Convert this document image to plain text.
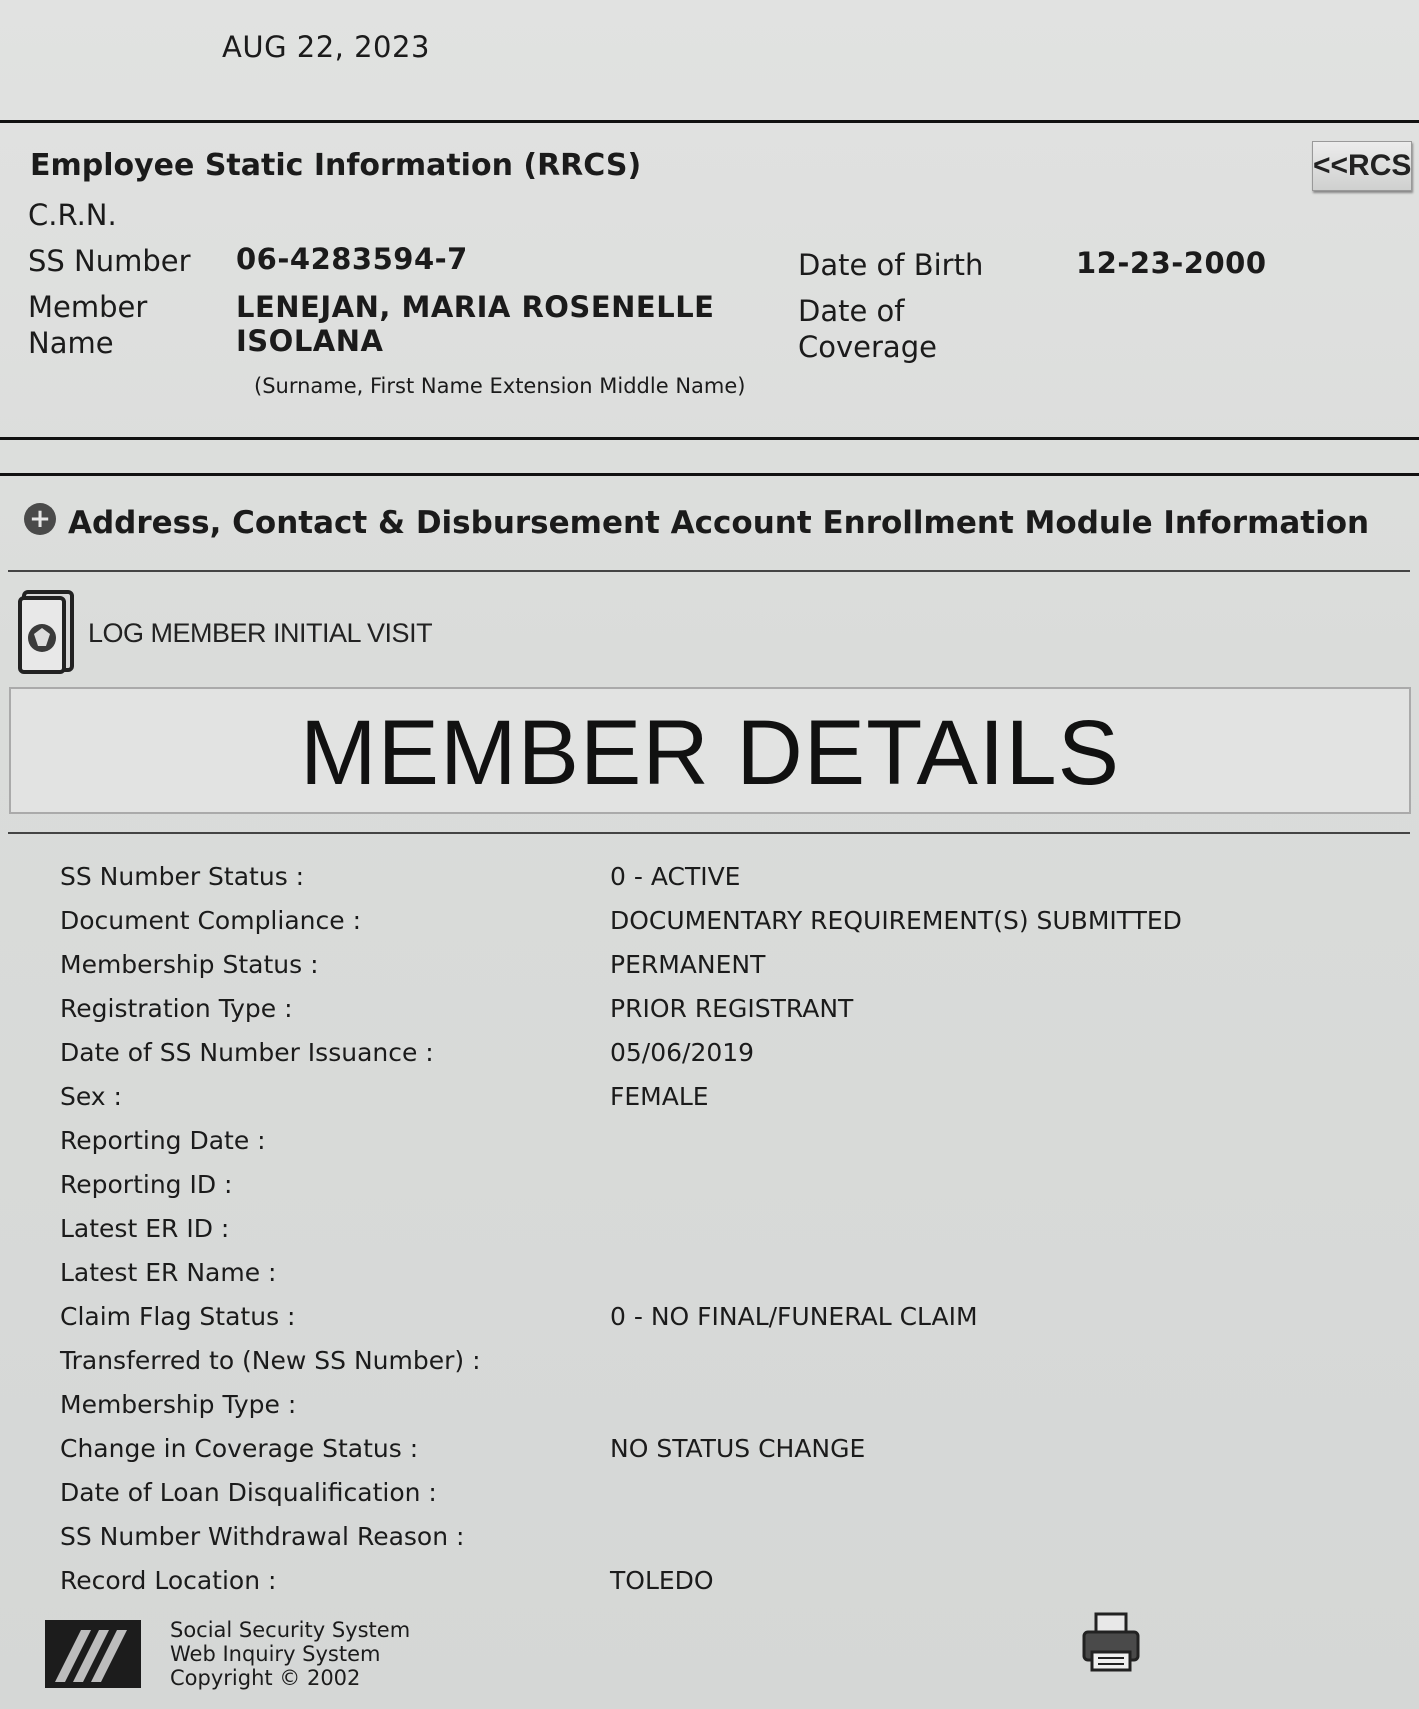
AUG 22, 2023
Employee Static Information (RRCS)	<<RCS
C.R.N.
SS Number 06-4283594-7
Member
Name
LENEJAN, MARIA ROSENELLE
ISOLANA
(Surname, First Name Extension Middle Name)
Date of Birth	12-23-2000
Date of
Coverage
+ Address, Contact & Disbursement Account Enrollment Module Information
LOG MEMBER INITIAL VISIT
MEMBER DETAILS
SS Number Status :	0 - ACTIVE
Document Compliance :	DOCUMENTARY REQUIREMENT(S) SUBMITTED
Membership Status :	PERMANENT
Registration Type :	PRIOR REGISTRANT
Date of SS Number Issuance :	05/06/2019
Sex :	FEMALE
Reporting Date :
Reporting ID :
Latest ER ID :
Latest ER Name :
Claim Flag Status :	0 - NO FINAL/FUNERAL CLAIM
Transferred to (New SS Number) :
Membership Type :
Change in Coverage Status :	NO STATUS CHANGE
Date of Loan Disqualification :
SS Number Withdrawal Reason :
Record Location :	TOLEDO
Social Security System
Web Inquiry System
Copyright © 2002
